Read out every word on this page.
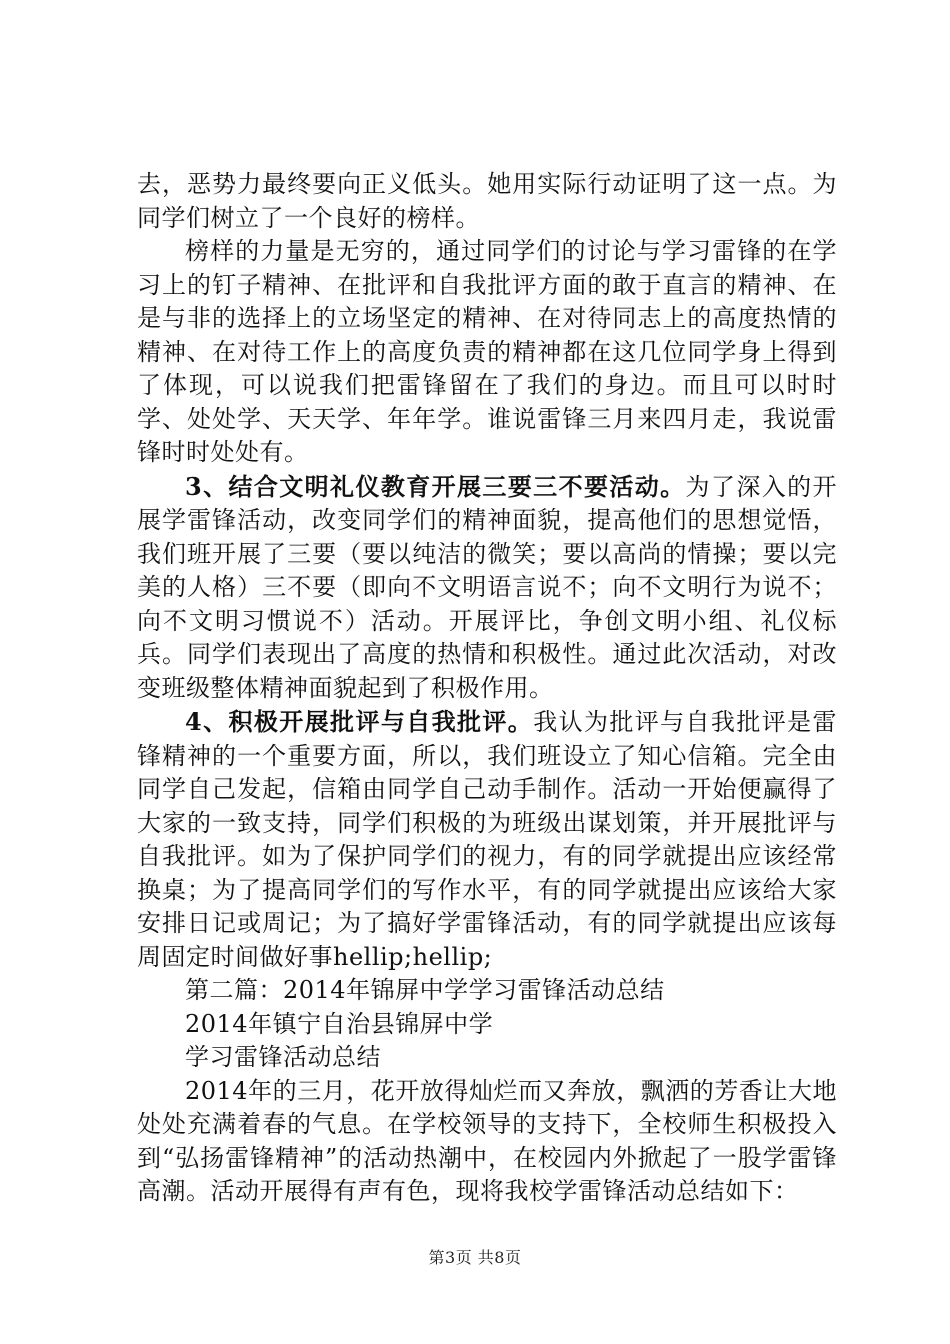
去，恶势力最终要向正义低头。她用实际行动证明了这一点。为同学们树立了一个良好的榜样。

榜样的力量是无穷的，通过同学们的讨论与学习雷锋的在学习上的钉子精神、在批评和自我批评方面的敢于直言的精神、在是与非的选择上的立场坚定的精神、在对待同志上的高度热情的精神、在对待工作上的高度负责的精神都在这几位同学身上得到了体现，可以说我们把雷锋留在了我们的身边。而且可以时时学、处处学、天天学、年年学。谁说雷锋三月来四月走，我说雷锋时时处处有。

3、结合文明礼仪教育开展三要三不要活动。为了深入的开展学雷锋活动，改变同学们的精神面貌，提高他们的思想觉悟，我们班开展了三要（要以纯洁的微笑；要以高尚的情操；要以完美的人格）三不要（即向不文明语言说不；向不文明行为说不；向不文明习惯说不）活动。开展评比，争创文明小组、礼仪标兵。同学们表现出了高度的热情和积极性。通过此次活动，对改变班级整体精神面貌起到了积极作用。

4、积极开展批评与自我批评。我认为批评与自我批评是雷锋精神的一个重要方面，所以，我们班设立了知心信箱。完全由同学自己发起，信箱由同学自己动手制作。活动一开始便赢得了大家的一致支持，同学们积极的为班级出谋划策，并开展批评与自我批评。如为了保护同学们的视力，有的同学就提出应该经常换桌；为了提高同学们的写作水平，有的同学就提出应该给大家安排日记或周记；为了搞好学雷锋活动，有的同学就提出应该每周固定时间做好事hellip;hellip;

第二篇：2014年锦屏中学学习雷锋活动总结

2014年镇宁自治县锦屏中学

学习雷锋活动总结

2014年的三月，花开放得灿烂而又奔放，飘洒的芳香让大地处处充满着春的气息。在学校领导的支持下，全校师生积极投入到“弘扬雷锋精神”的活动热潮中，在校园内外掀起了一股学雷锋高潮。活动开展得有声有色，现将我校学雷锋活动总结如下：

第3页 共8页
